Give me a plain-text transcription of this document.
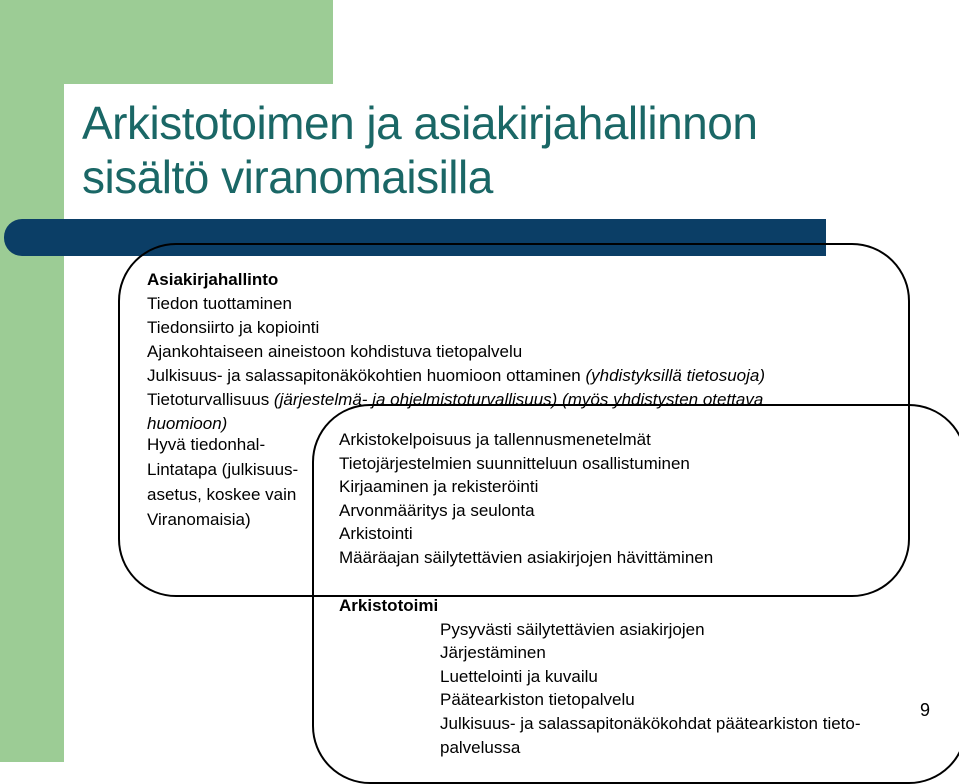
Arkistotoimen ja asiakirjahallinnon
sisältö viranomaisilla
Asiakirjahallinto
Tiedon tuottaminen
Tiedonsiirto ja kopiointi
Ajankohtaiseen aineistoon kohdistuva tietopalvelu
Julkisuus- ja salassapitonäkökohtien huomioon ottaminen (yhdistyksillä tietosuoja)
Tietoturvallisuus (järjestelmä- ja ohjelmistoturvallisuus) (myös yhdistysten otettava
huomioon)
Hyvä tiedonhal-
Lintatapa (julkisuus-
asetus, koskee vain
Viranomaisia)
Arkistokelpoisuus ja tallennusmenetelmät
Tietojärjestelmien suunnitteluun osallistuminen
Kirjaaminen ja rekisteröinti
Arvonmääritys ja seulonta
Arkistointi
Määräajan säilytettävien asiakirjojen hävittäminen
Arkistotoimi
Pysyvästi säilytettävien asiakirjojen
Järjestäminen
Luettelointi ja kuvailu
Päätearkiston tietopalvelu
Julkisuus- ja salassapitonäkökohdat päätearkiston tieto-
palvelussa
9
